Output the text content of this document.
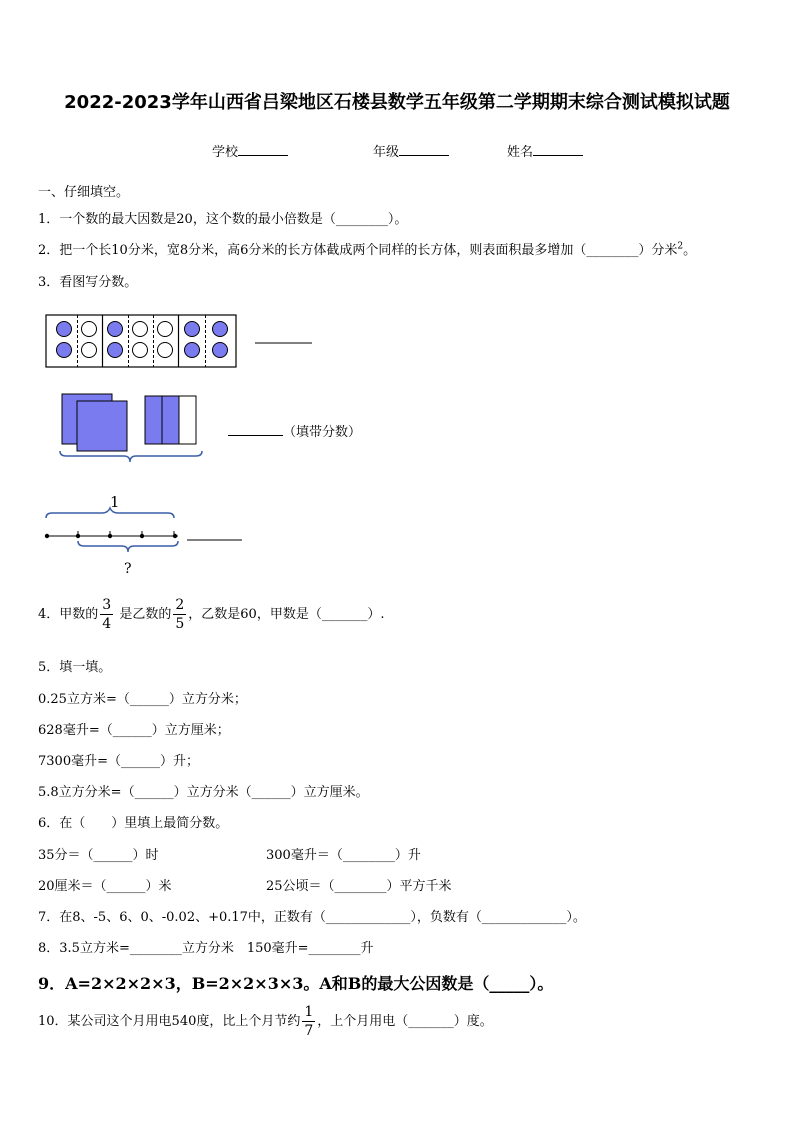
2022-2023学年山西省吕梁地区石楼县数学五年级第二学期期末综合测试模拟试题
学校	年级	姓名
一、仔细填空。
1．一个数的最大因数是20，这个数的最小倍数是（________）。
2．把一个长10分米，宽8分米，高6分米的长方体截成两个同样的长方体，则表面积最多增加（________）分米$^2$。
3．看图写分数。
（填带分数）
1
?
4．甲数的 $\frac{3}{4}$ 是乙数的 $\frac{2}{5}$ ，乙数是60，甲数是（_______）.
5．填一填。
0.25立方米=（______）立方分米；
628毫升=（______）立方厘米；
7300毫升=（______）升；
5.8立方分米=（______）立方分米（______）立方厘米。
6．在（　　）里填上最简分数。
35分＝（______）时	300毫升＝（________）升
20厘米＝（______）米	25公顷＝（________）平方千米
7．在8、-5、6、0、-0.02、+0.17中，正数有（_____________），负数有（_____________）。
8．3.5立方米=________立方分米　150毫升=________升
9．A=2×2×2×3，B=2×2×3×3。A和B的最大公因数是（_____）。
10．某公司这个月用电540度，比上个月节约 $\frac{1}{7}$ ，上个月用电（_______）度。
